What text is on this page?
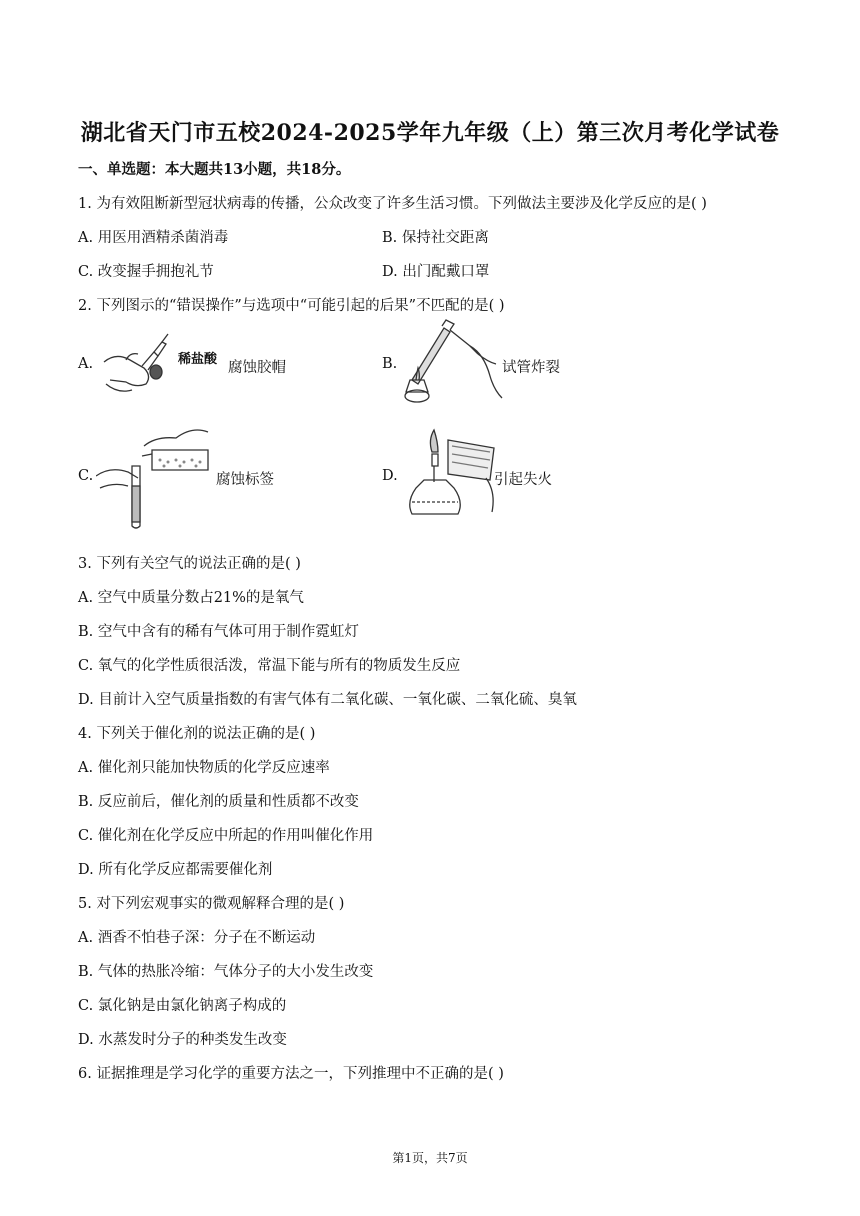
湖北省天门市五校2024-2025学年九年级（上）第三次月考化学试卷
一、单选题：本大题共13小题，共18分。
1. 为有效阻断新型冠状病毒的传播，公众改变了许多生活习惯。下列做法主要涉及化学反应的是( )
A. 用医用酒精杀菌消毒	B. 保持社交距离
C. 改变握手拥抱礼节	D. 出门配戴口罩
2. 下列图示的“错误操作”与选项中“可能引起的后果”不匹配的是( )
A.	稀盐酸
腐蚀胶帽	B.	试管炸裂
C.	腐蚀标签	D.	引起失火
3. 下列有关空气的说法正确的是( )
A. 空气中质量分数占21%的是氧气
B. 空气中含有的稀有气体可用于制作霓虹灯
C. 氧气的化学性质很活泼，常温下能与所有的物质发生反应
D. 目前计入空气质量指数的有害气体有二氧化碳、一氧化碳、二氧化硫、臭氧
4. 下列关于催化剂的说法正确的是( )
A. 催化剂只能加快物质的化学反应速率
B. 反应前后，催化剂的质量和性质都不改变
C. 催化剂在化学反应中所起的作用叫催化作用
D. 所有化学反应都需要催化剂
5. 对下列宏观事实的微观解释合理的是( )
A. 酒香不怕巷子深：分子在不断运动
B. 气体的热胀冷缩：气体分子的大小发生改变
C. 氯化钠是由氯化钠离子构成的
D. 水蒸发时分子的种类发生改变
6. 证据推理是学习化学的重要方法之一，下列推理中不正确的是( )
第1页，共7页
